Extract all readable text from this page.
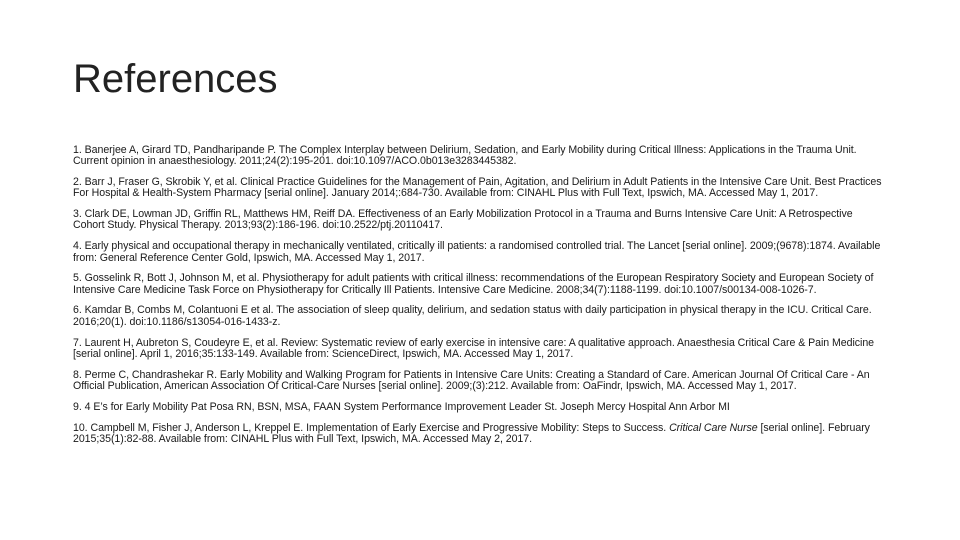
References
1. Banerjee A, Girard TD, Pandharipande P. The Complex Interplay between Delirium, Sedation, and Early Mobility during Critical Illness: Applications in the Trauma Unit. Current opinion in anaesthesiology. 2011;24(2):195-201. doi:10.1097/ACO.0b013e3283445382.
2. Barr J, Fraser G, Skrobik Y, et al. Clinical Practice Guidelines for the Management of Pain, Agitation, and Delirium in Adult Patients in the Intensive Care Unit. Best Practices For Hospital & Health-System Pharmacy [serial online]. January 2014;:684-730. Available from: CINAHL Plus with Full Text, Ipswich, MA. Accessed May 1, 2017.
3. Clark DE, Lowman JD, Griffin RL, Matthews HM, Reiff DA. Effectiveness of an Early Mobilization Protocol in a Trauma and Burns Intensive Care Unit: A Retrospective Cohort Study. Physical Therapy. 2013;93(2):186-196. doi:10.2522/ptj.20110417.
4. Early physical and occupational therapy in mechanically ventilated, critically ill patients: a randomised controlled trial. The Lancet [serial online]. 2009;(9678):1874. Available from: General Reference Center Gold, Ipswich, MA. Accessed May 1, 2017.
5. Gosselink R, Bott J, Johnson M, et al. Physiotherapy for adult patients with critical illness: recommendations of the European Respiratory Society and European Society of Intensive Care Medicine Task Force on Physiotherapy for Critically Ill Patients. Intensive Care Medicine. 2008;34(7):1188-1199. doi:10.1007/s00134-008-1026-7.
6. Kamdar B, Combs M, Colantuoni E et al. The association of sleep quality, delirium, and sedation status with daily participation in physical therapy in the ICU. Critical Care. 2016;20(1). doi:10.1186/s13054-016-1433-z.
7. Laurent H, Aubreton S, Coudeyre E, et al. Review: Systematic review of early exercise in intensive care: A qualitative approach. Anaesthesia Critical Care & Pain Medicine [serial online]. April 1, 2016;35:133-149. Available from: ScienceDirect, Ipswich, MA. Accessed May 1, 2017.
8. Perme C, Chandrashekar R. Early Mobility and Walking Program for Patients in Intensive Care Units: Creating a Standard of Care. American Journal Of Critical Care - An Official Publication, American Association Of Critical-Care Nurses [serial online]. 2009;(3):212. Available from: OaFindr, Ipswich, MA. Accessed May 1, 2017.
9. 4 E’s for Early Mobility Pat Posa RN, BSN, MSA, FAAN System Performance Improvement Leader St. Joseph Mercy Hospital Ann Arbor MI
10. Campbell M, Fisher J, Anderson L, Kreppel E. Implementation of Early Exercise and Progressive Mobility: Steps to Success. Critical Care Nurse [serial online]. February 2015;35(1):82-88. Available from: CINAHL Plus with Full Text, Ipswich, MA. Accessed May 2, 2017.
